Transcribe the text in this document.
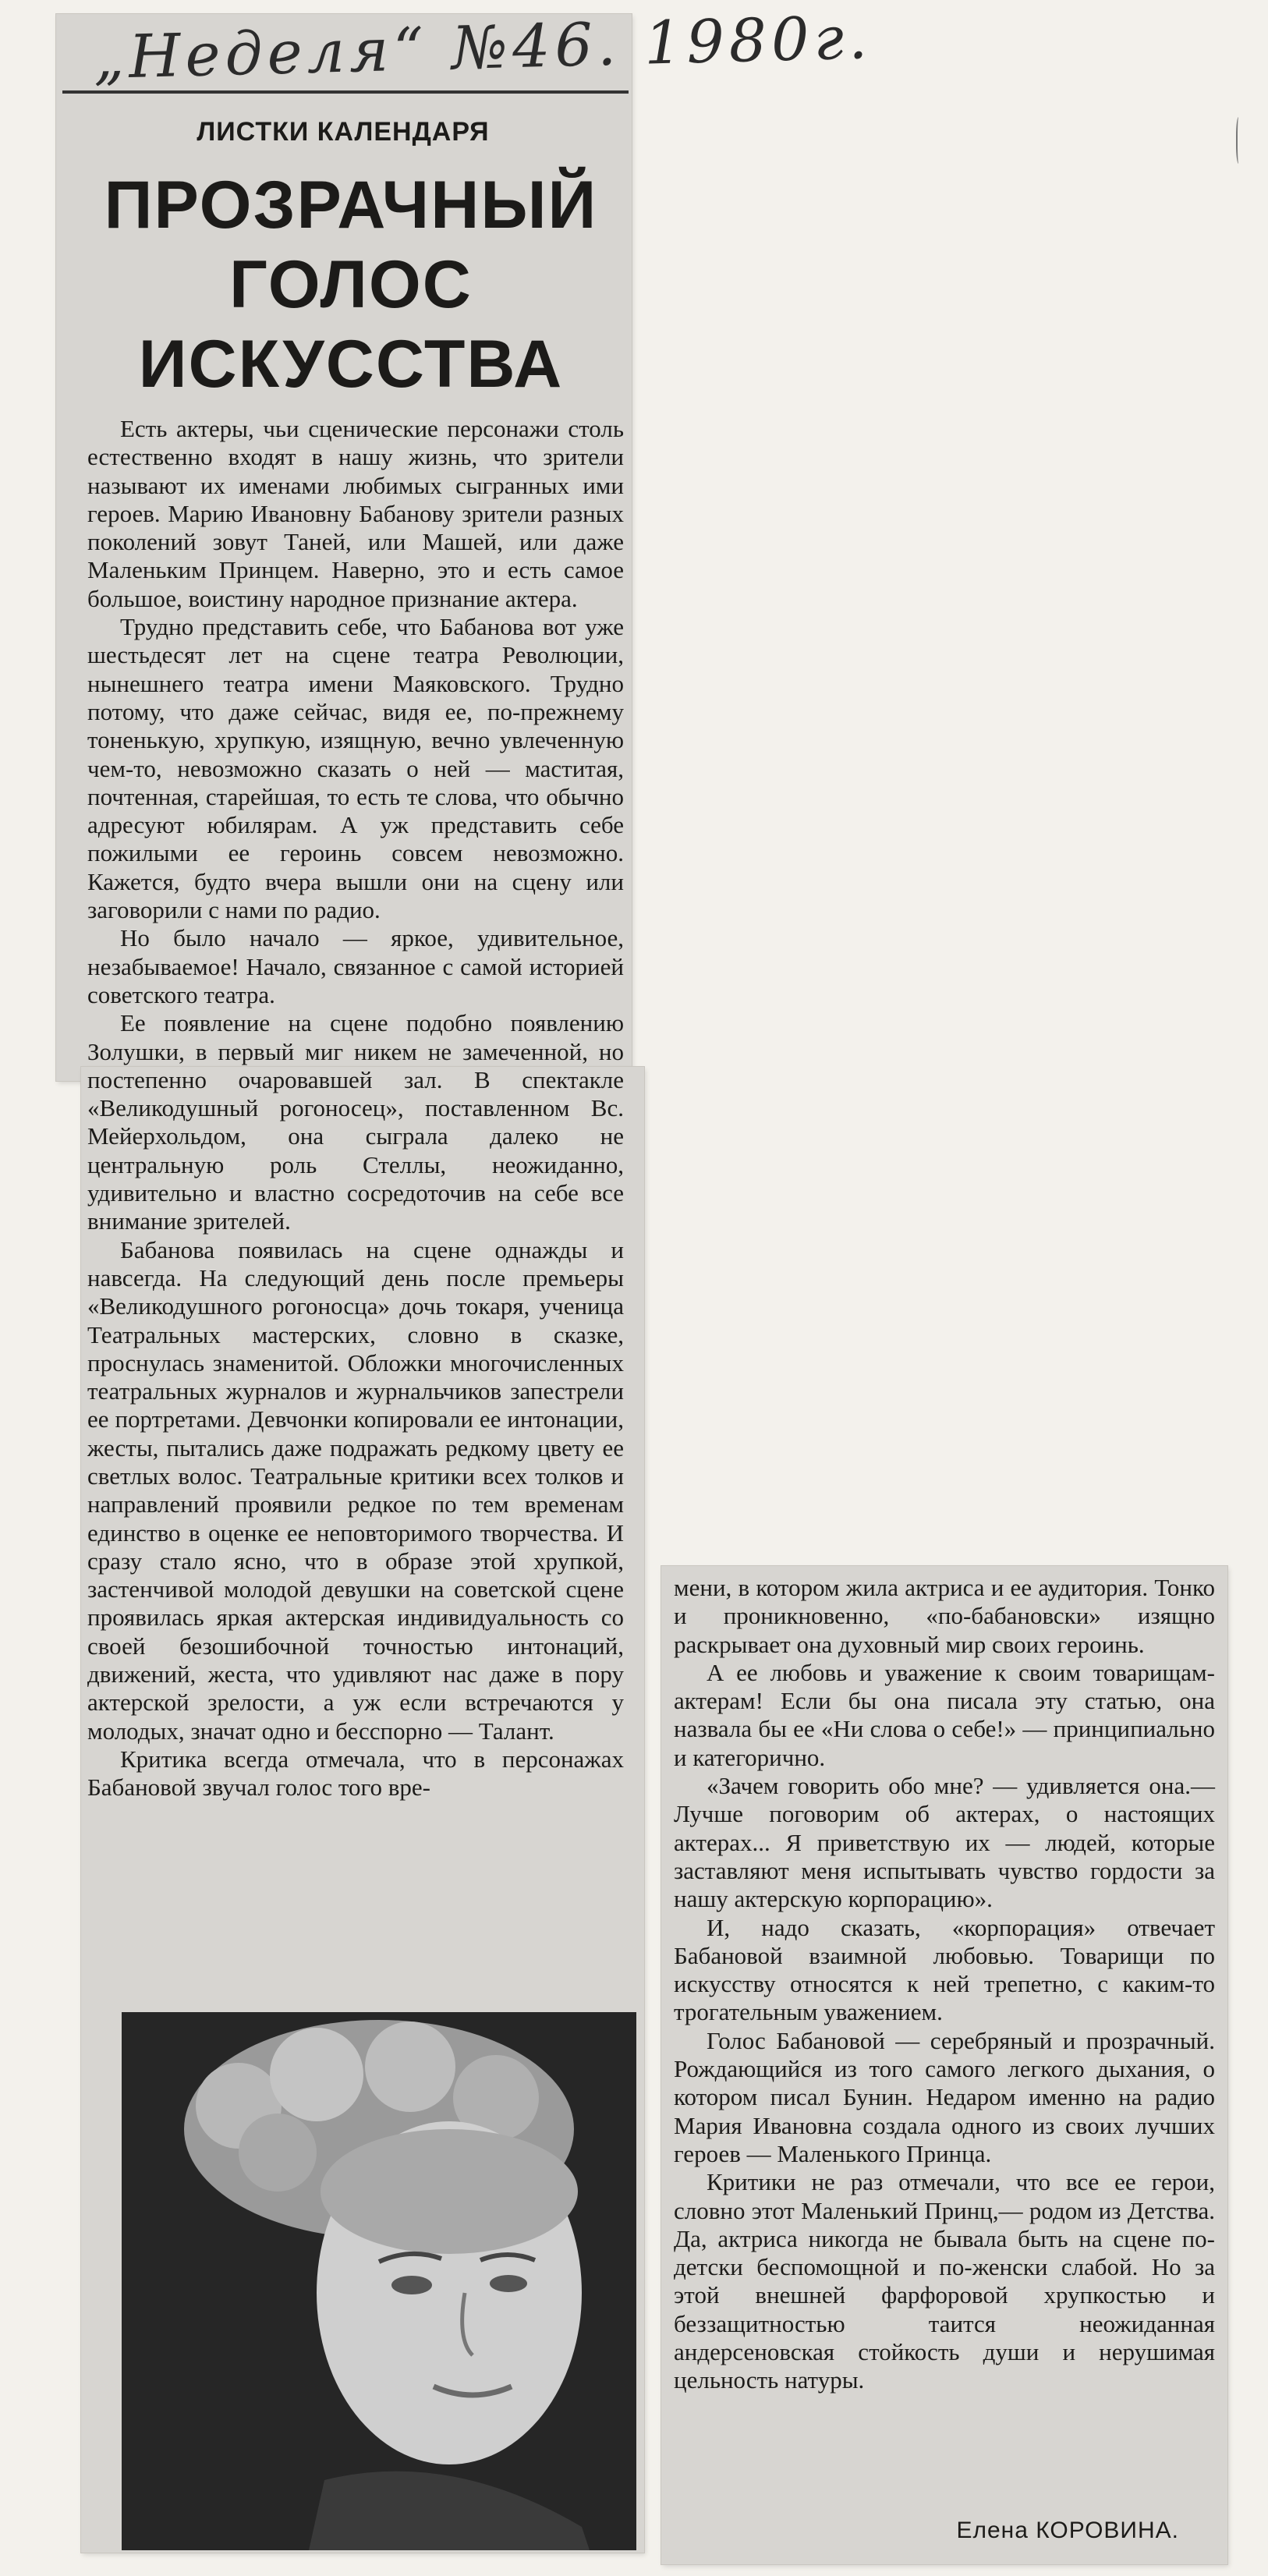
„Неделя“ №46. 1980г.
ЛИСТКИ КАЛЕНДАРЯ
ПРОЗРАЧНЫЙ
ГОЛОС
ИСКУССТВА

Есть актеры, чьи сценические персонажи столь естественно входят в нашу жизнь, что зрители называют их именами любимых сыгранных ими героев. Марию Ивановну Бабанову зрители разных поколений зовут Таней, или Машей, или даже Маленьким Принцем. Наверно, это и есть самое большое, воистину народное признание актера.

Трудно представить себе, что Бабанова вот уже шестьдесят лет на сцене театра Революции, нынешнего театра имени Маяковского. Трудно потому, что даже сейчас, видя ее, по-прежнему тоненькую, хрупкую, изящную, вечно увлеченную чем-то, невозможно сказать о ней — маститая, почтенная, старейшая, то есть те слова, что обычно адресуют юбилярам. А уж представить себе пожилыми ее героинь совсем невозможно. Кажется, будто вчера вышли они на сцену или заговорили с нами по радио.

Но было начало — яркое, удивительное, незабываемое! Начало, связанное с самой историей советского театра.

Ее появление на сцене подобно появлению Золушки, в первый миг никем не замеченной, но постепенно очаровавшей зал. В спектакле «Великодушный рогоносец», поставленном Вс. Мейерхольдом, она сыграла далеко не центральную роль Стеллы, неожиданно, удивительно и властно сосредоточив на себе все внимание зрителей.

Бабанова появилась на сцене однажды и навсегда. На следующий день после премьеры «Великодушного рогоносца» дочь токаря, ученица Театральных мастерских, словно в сказке, проснулась знаменитой. Обложки многочисленных театральных журналов и журнальчиков запестрели ее портретами. Девчонки копировали ее интонации, жесты, пытались даже подражать редкому цвету ее светлых волос. Театральные критики всех толков и направлений проявили редкое по тем временам единство в оценке ее неповторимого творчества. И сразу стало ясно, что в образе этой хрупкой, застенчивой молодой девушки на советской сцене проявилась яркая актерская индивидуальность со своей безошибочной точностью интонаций, движений, жеста, что удивляют нас даже в пору актерской зрелости, а уж если встречаются у молодых, значат одно и бесспорно — Талант.

Критика всегда отмечала, что в персонажах Бабановой звучал голос того вре-

мени, в котором жила актриса и ее аудитория. Тонко и проникновенно, «по-бабановски» изящно раскрывает она духовный мир своих героинь.

А ее любовь и уважение к своим товарищам-актерам! Если бы она писала эту статью, она назвала бы ее «Ни слова о себе!» — принципиально и категорично.

«Зачем говорить обо мне? — удивляется она.—Лучше поговорим об актерах, о настоящих актерах... Я приветствую их — людей, которые заставляют меня испытывать чувство гордости за нашу актерскую корпорацию».

И, надо сказать, «корпорация» отвечает Бабановой взаимной любовью. Товарищи по искусству относятся к ней трепетно, с каким-то трогательным уважением.

Голос Бабановой — серебряный и прозрачный. Рождающийся из того самого легкого дыхания, о котором писал Бунин. Недаром именно на радио Мария Ивановна создала одного из своих лучших героев — Маленького Принца.

Критики не раз отмечали, что все ее герои, словно этот Маленький Принц,— родом из Детства. Да, актриса никогда не бывала быть на сцене по-детски беспомощной и по-женски слабой. Но за этой внешней фарфоровой хрупкостью и беззащитностью таится неожиданная андерсеновская стойкость души и нерушимая цельность натуры.

Елена КОРОВИНА.
